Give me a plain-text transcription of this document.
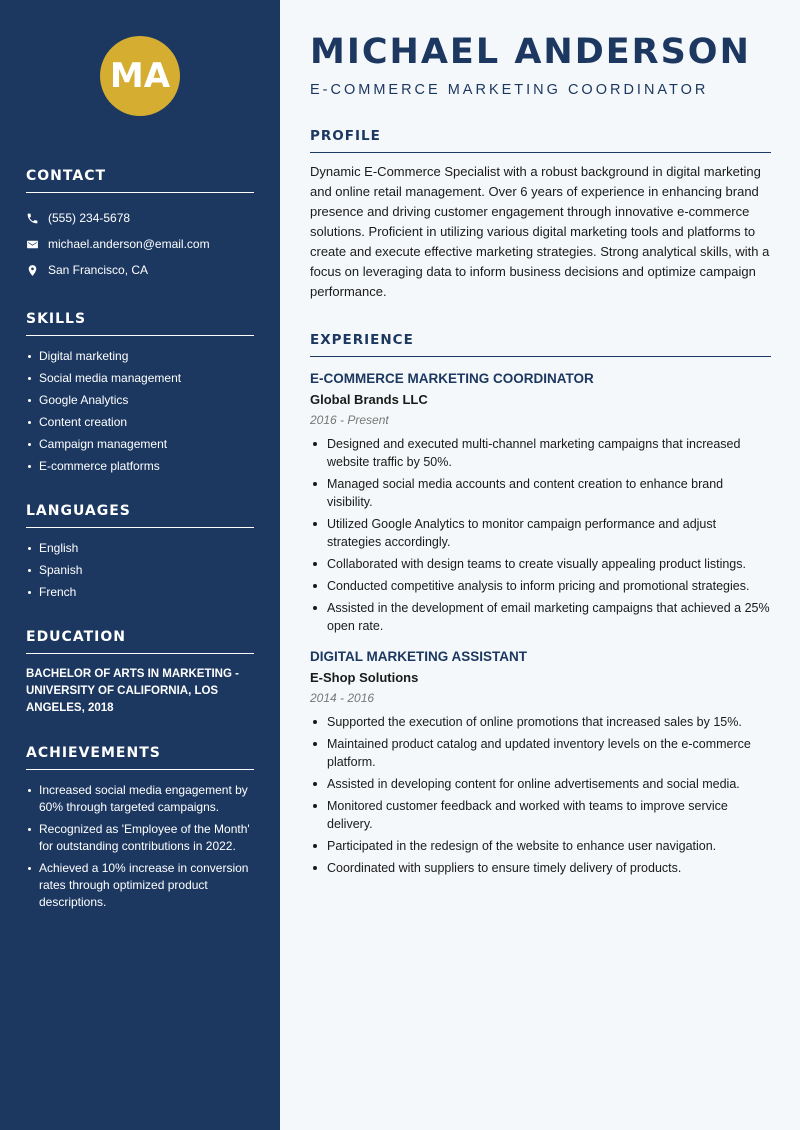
MA
CONTACT
(555) 234-5678
michael.anderson@email.com
San Francisco, CA
SKILLS
Digital marketing
Social media management
Google Analytics
Content creation
Campaign management
E-commerce platforms
LANGUAGES
English
Spanish
French
EDUCATION
BACHELOR OF ARTS IN MARKETING - UNIVERSITY OF CALIFORNIA, LOS ANGELES, 2018
ACHIEVEMENTS
Increased social media engagement by 60% through targeted campaigns.
Recognized as 'Employee of the Month' for outstanding contributions in 2022.
Achieved a 10% increase in conversion rates through optimized product descriptions.
MICHAEL ANDERSON
E-COMMERCE MARKETING COORDINATOR
PROFILE

Dynamic E-Commerce Specialist with a robust background in digital marketing and online retail management. Over 6 years of experience in enhancing brand presence and driving customer engagement through innovative e-commerce solutions. Proficient in utilizing various digital marketing tools and platforms to create and execute effective marketing strategies. Strong analytical skills, with a focus on leveraging data to inform business decisions and optimize campaign performance.

EXPERIENCE
E-COMMERCE MARKETING COORDINATOR
Global Brands LLC
2016 - Present
Designed and executed multi-channel marketing campaigns that increased website traffic by 50%.
Managed social media accounts and content creation to enhance brand visibility.
Utilized Google Analytics to monitor campaign performance and adjust strategies accordingly.
Collaborated with design teams to create visually appealing product listings.
Conducted competitive analysis to inform pricing and promotional strategies.
Assisted in the development of email marketing campaigns that achieved a 25% open rate.
DIGITAL MARKETING ASSISTANT
E-Shop Solutions
2014 - 2016
Supported the execution of online promotions that increased sales by 15%.
Maintained product catalog and updated inventory levels on the e-commerce platform.
Assisted in developing content for online advertisements and social media.
Monitored customer feedback and worked with teams to improve service delivery.
Participated in the redesign of the website to enhance user navigation.
Coordinated with suppliers to ensure timely delivery of products.
